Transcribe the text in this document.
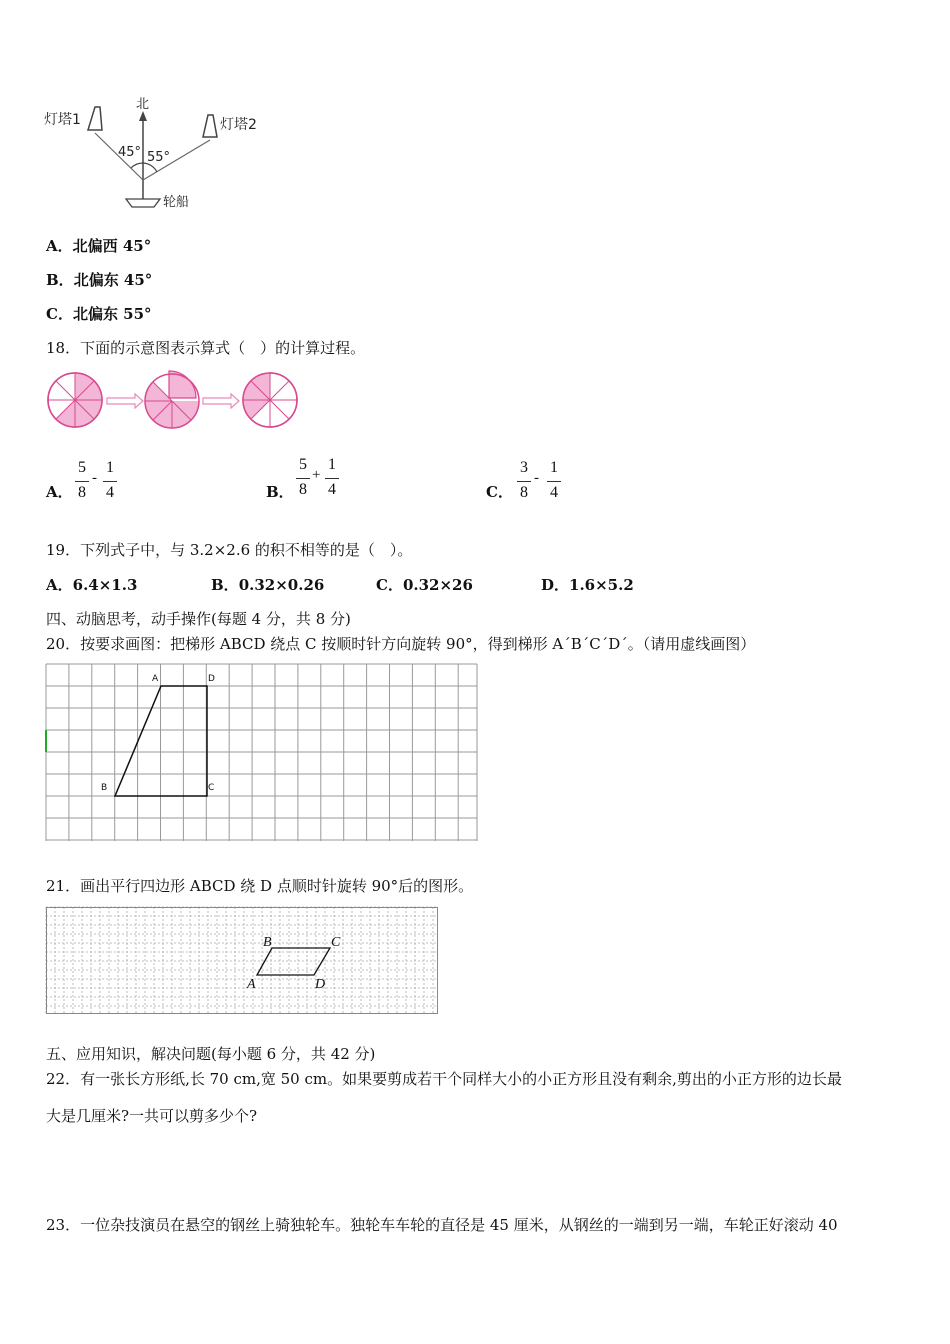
灯塔1	灯塔2
北
45° 55°
轮船
A．北偏西 45°
B．北偏东 45°
C．北偏东 55°
18．下面的示意图表示算式（　）的计算过程。
A．
5
8
-
1
4	B．
5
8
+
1
4	C．
3
8
-
1
4
19．下列式子中，与 3.2×2.6 的积不相等的是（　）。
A．6.4×1.3	B．0.32×0.26	C．0.32×26	D．1.6×5.2
四、动脑思考，动手操作(每题 4 分，共 8 分)
20．按要求画图：把梯形 ABCD 绕点 C 按顺时针方向旋转 90°，得到梯形 A´B´C´D´。（请用虚线画图）
A	D
B	C
21．画出平行四边形 ABCD 绕 D 点顺时针旋转 90°后的图形。
B	C
A	D
五、应用知识，解决问题(每小题 6 分，共 42 分)
22．有一张长方形纸,长 70 cm,宽 50 cm。如果要剪成若干个同样大小的小正方形且没有剩余,剪出的小正方形的边长最
大是几厘米?一共可以剪多少个?
23．一位杂技演员在悬空的钢丝上骑独轮车。独轮车车轮的直径是 45 厘米，从钢丝的一端到另一端，车轮正好滚动 40
